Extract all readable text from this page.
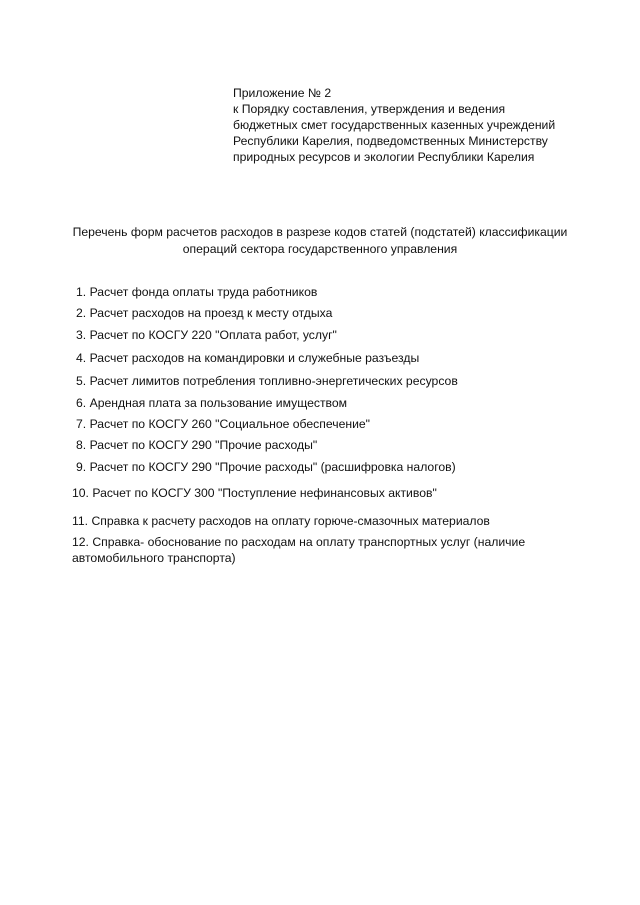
Приложение № 2
к Порядку составления, утверждения и ведения
бюджетных смет государственных казенных учреждений
Республики Карелия, подведомственных Министерству
природных ресурсов и экологии Республики Карелия
Перечень форм расчетов расходов в разрезе кодов статей (подстатей) классификации
операций сектора государственного управления
1. Расчет фонда оплаты труда работников
2. Расчет расходов на проезд к месту отдыха
3. Расчет по КОСГУ 220 "Оплата работ, услуг"
4. Расчет расходов на командировки и служебные разъезды
5. Расчет лимитов потребления топливно-энергетических ресурсов
6. Арендная плата за пользование имуществом
7. Расчет по КОСГУ 260 "Социальное обеспечение"
8. Расчет по КОСГУ 290 "Прочие расходы"
9. Расчет по КОСГУ 290 "Прочие расходы" (расшифровка налогов)
10. Расчет по КОСГУ 300 "Поступление нефинансовых активов"
11. Справка к расчету расходов на оплату горюче-смазочных материалов
12. Справка- обоснование по расходам на оплату транспортных услуг (наличие
автомобильного транспорта)
